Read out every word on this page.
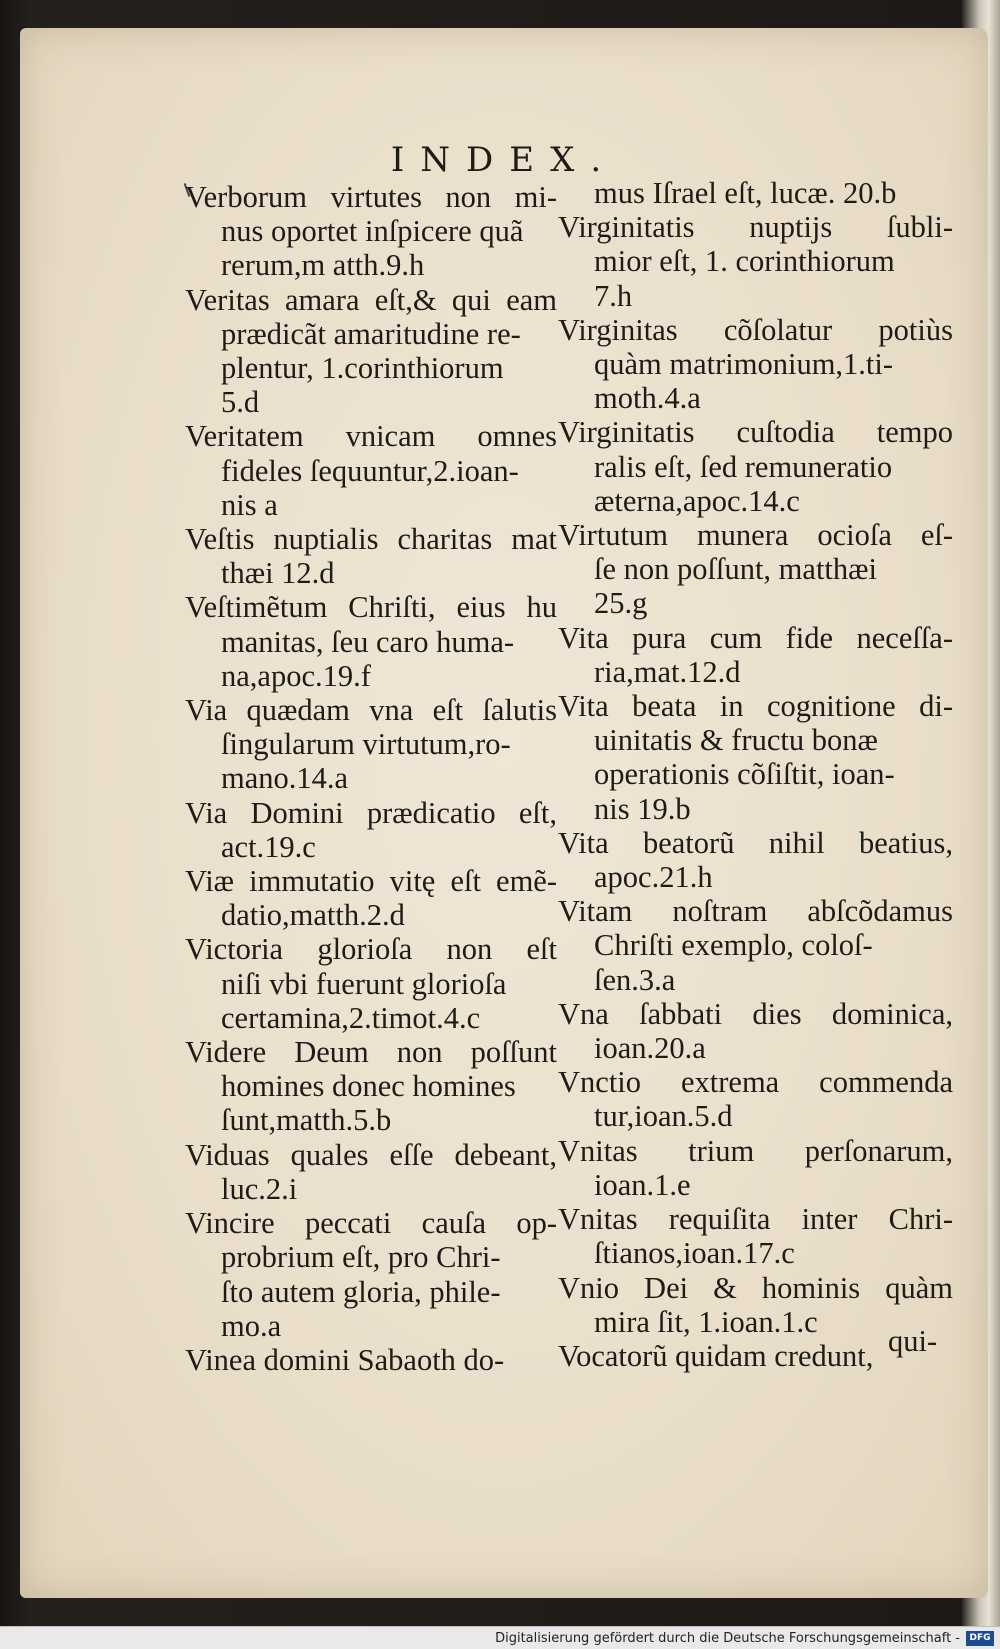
INDEX.
Verborum virtutes non mi-
nus oportet inſpicere quã
rerum,m atth.9.h
Veritas amara eſt,& qui eam
prædicãt amaritudine re-
plentur, 1.corinthiorum
5.d
Veritatem vnicam omnes
fideles ſequuntur,2.ioan-
nis a
Veſtis nuptialis charitas mat
thæi 12.d
Veſtimẽtum Chriſti, eius hu
manitas, ſeu caro huma-
na,apoc.19.f
Via quædam vna eſt ſalutis
ſingularum virtutum,ro-
mano.14.a
Via Domini prædicatio eſt,
act.19.c
Viæ immutatio vitę eſt emẽ-
datio,matth.2.d
Victoria glorioſa non eſt
niſi vbi fuerunt glorioſa
certamina,2.timot.4.c
Videre Deum non poſſunt
homines donec homines
ſunt,matth.5.b
Viduas quales eſſe debeant,
luc.2.i
Vincire peccati cauſa op-
probrium eſt, pro Chri-
ſto autem gloria, phile-
mo.a
Vinea domini Sabaoth do-
mus Iſrael eſt, lucæ. 20.b
Virginitatis nuptijs ſubli-
mior eſt, 1. corinthiorum
7.h
Virginitas cõſolatur potiùs
quàm matrimonium,1.ti-
moth.4.a
Virginitatis cuſtodia tempo
ralis eſt, ſed remuneratio
æterna,apoc.14.c
Virtutum munera ocioſa eſ-
ſe non poſſunt, matthæi
25.g
Vita pura cum fide neceſſa-
ria,mat.12.d
Vita beata in cognitione di-
uinitatis & fructu bonæ
operationis cõſiſtit, ioan-
nis 19.b
Vita beatorũ nihil beatius,
apoc.21.h
Vitam noſtram abſcõdamus
Chriſti exemplo, coloſ-
ſen.3.a
Vna ſabbati dies dominica,
ioan.20.a
Vnctio extrema commenda
tur,ioan.5.d
Vnitas trium perſonarum,
ioan.1.e
Vnitas requiſita inter Chri-
ſtianos,ioan.17.c
Vnio Dei & hominis quàm
mira ſit, 1.ioan.1.c
Vocatorũ quidam credunt, qui-
Digitalisierung gefördert durch die Deutsche Forschungsgemeinschaft -	DFG
